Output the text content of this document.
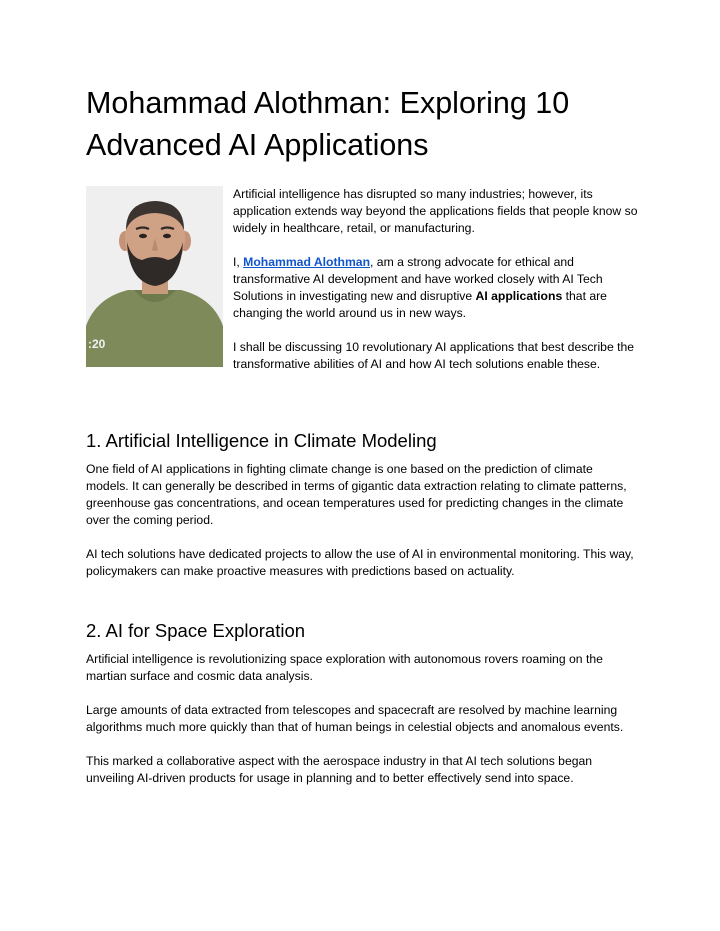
Mohammad Alothman: Exploring 10 Advanced AI Applications
:20

Artificial intelligence has disrupted so many industries; however, its application extends way beyond the applications fields that people know so widely in healthcare, retail, or manufacturing.

I, Mohammad Alothman, am a strong advocate for ethical and transformative AI development and have worked closely with AI Tech Solutions in investigating new and disruptive AI applications that are changing the world around us in new ways.

I shall be discussing 10 revolutionary AI applications that best describe the transformative abilities of AI and how AI tech solutions enable these.

1. Artificial Intelligence in Climate Modeling

One field of AI applications in fighting climate change is one based on the prediction of climate models. It can generally be described in terms of gigantic data extraction relating to climate patterns, greenhouse gas concentrations, and ocean temperatures used for predicting changes in the climate over the coming period.

AI tech solutions have dedicated projects to allow the use of AI in environmental monitoring. This way, policymakers can make proactive measures with predictions based on actuality.

2. AI for Space Exploration

Artificial intelligence is revolutionizing space exploration with autonomous rovers roaming on the martian surface and cosmic data analysis.

Large amounts of data extracted from telescopes and spacecraft are resolved by machine learning algorithms much more quickly than that of human beings in celestial objects and anomalous events.

This marked a collaborative aspect with the aerospace industry in that AI tech solutions began unveiling AI-driven products for usage in planning and to better effectively send into space.
